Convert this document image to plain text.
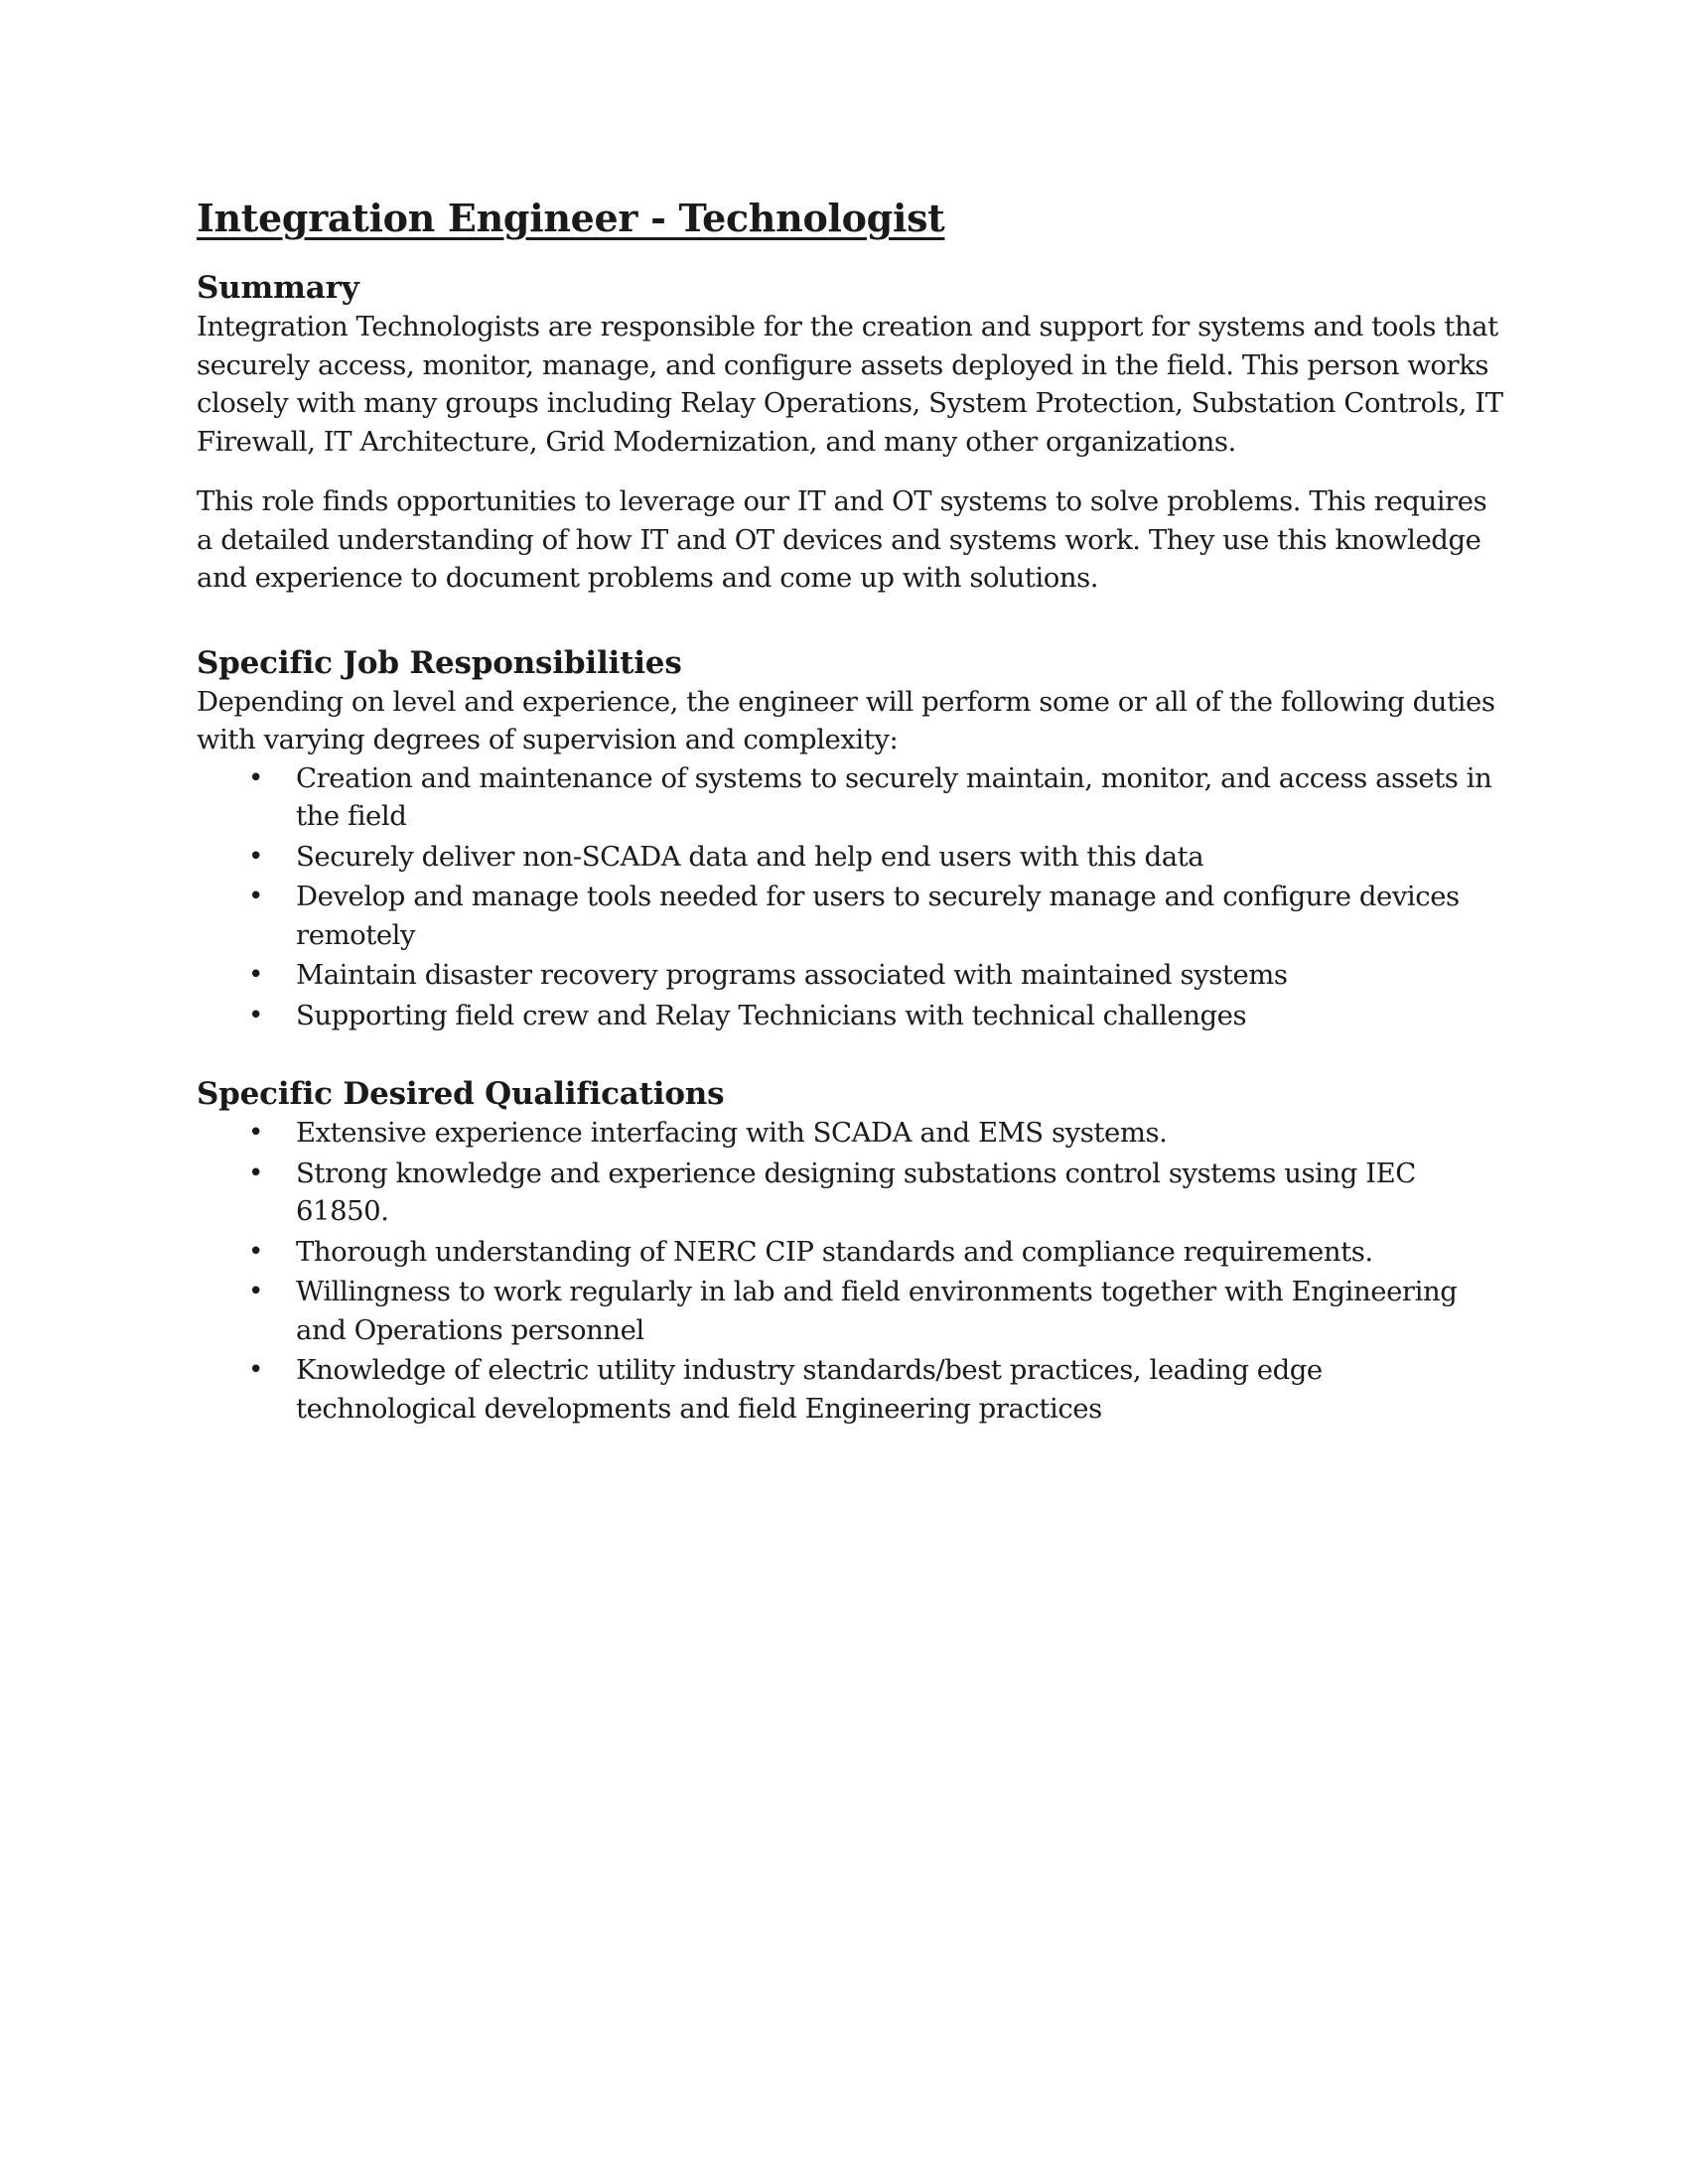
Integration Engineer - Technologist
Summary

Integration Technologists are responsible for the creation and support for systems and tools that securely access, monitor, manage, and configure assets deployed in the field. This person works closely with many groups including Relay Operations, System Protection, Substation Controls, IT Firewall, IT Architecture, Grid Modernization, and many other organizations.

This role finds opportunities to leverage our IT and OT systems to solve problems. This requires a detailed understanding of how IT and OT devices and systems work. They use this knowledge and experience to document problems and come up with solutions.

Specific Job Responsibilities

Depending on level and experience, the engineer will perform some or all of the following duties with varying degrees of supervision and complexity:

• Creation and maintenance of systems to securely maintain, monitor, and access assets in the field
• Securely deliver non-SCADA data and help end users with this data
• Develop and manage tools needed for users to securely manage and configure devices remotely
• Maintain disaster recovery programs associated with maintained systems
• Supporting field crew and Relay Technicians with technical challenges
Specific Desired Qualifications
• Extensive experience interfacing with SCADA and EMS systems.
• Strong knowledge and experience designing substations control systems using IEC 61850.
• Thorough understanding of NERC CIP standards and compliance requirements.
• Willingness to work regularly in lab and field environments together with Engineering and Operations personnel
• Knowledge of electric utility industry standards/best practices, leading edge technological developments and field Engineering practices
